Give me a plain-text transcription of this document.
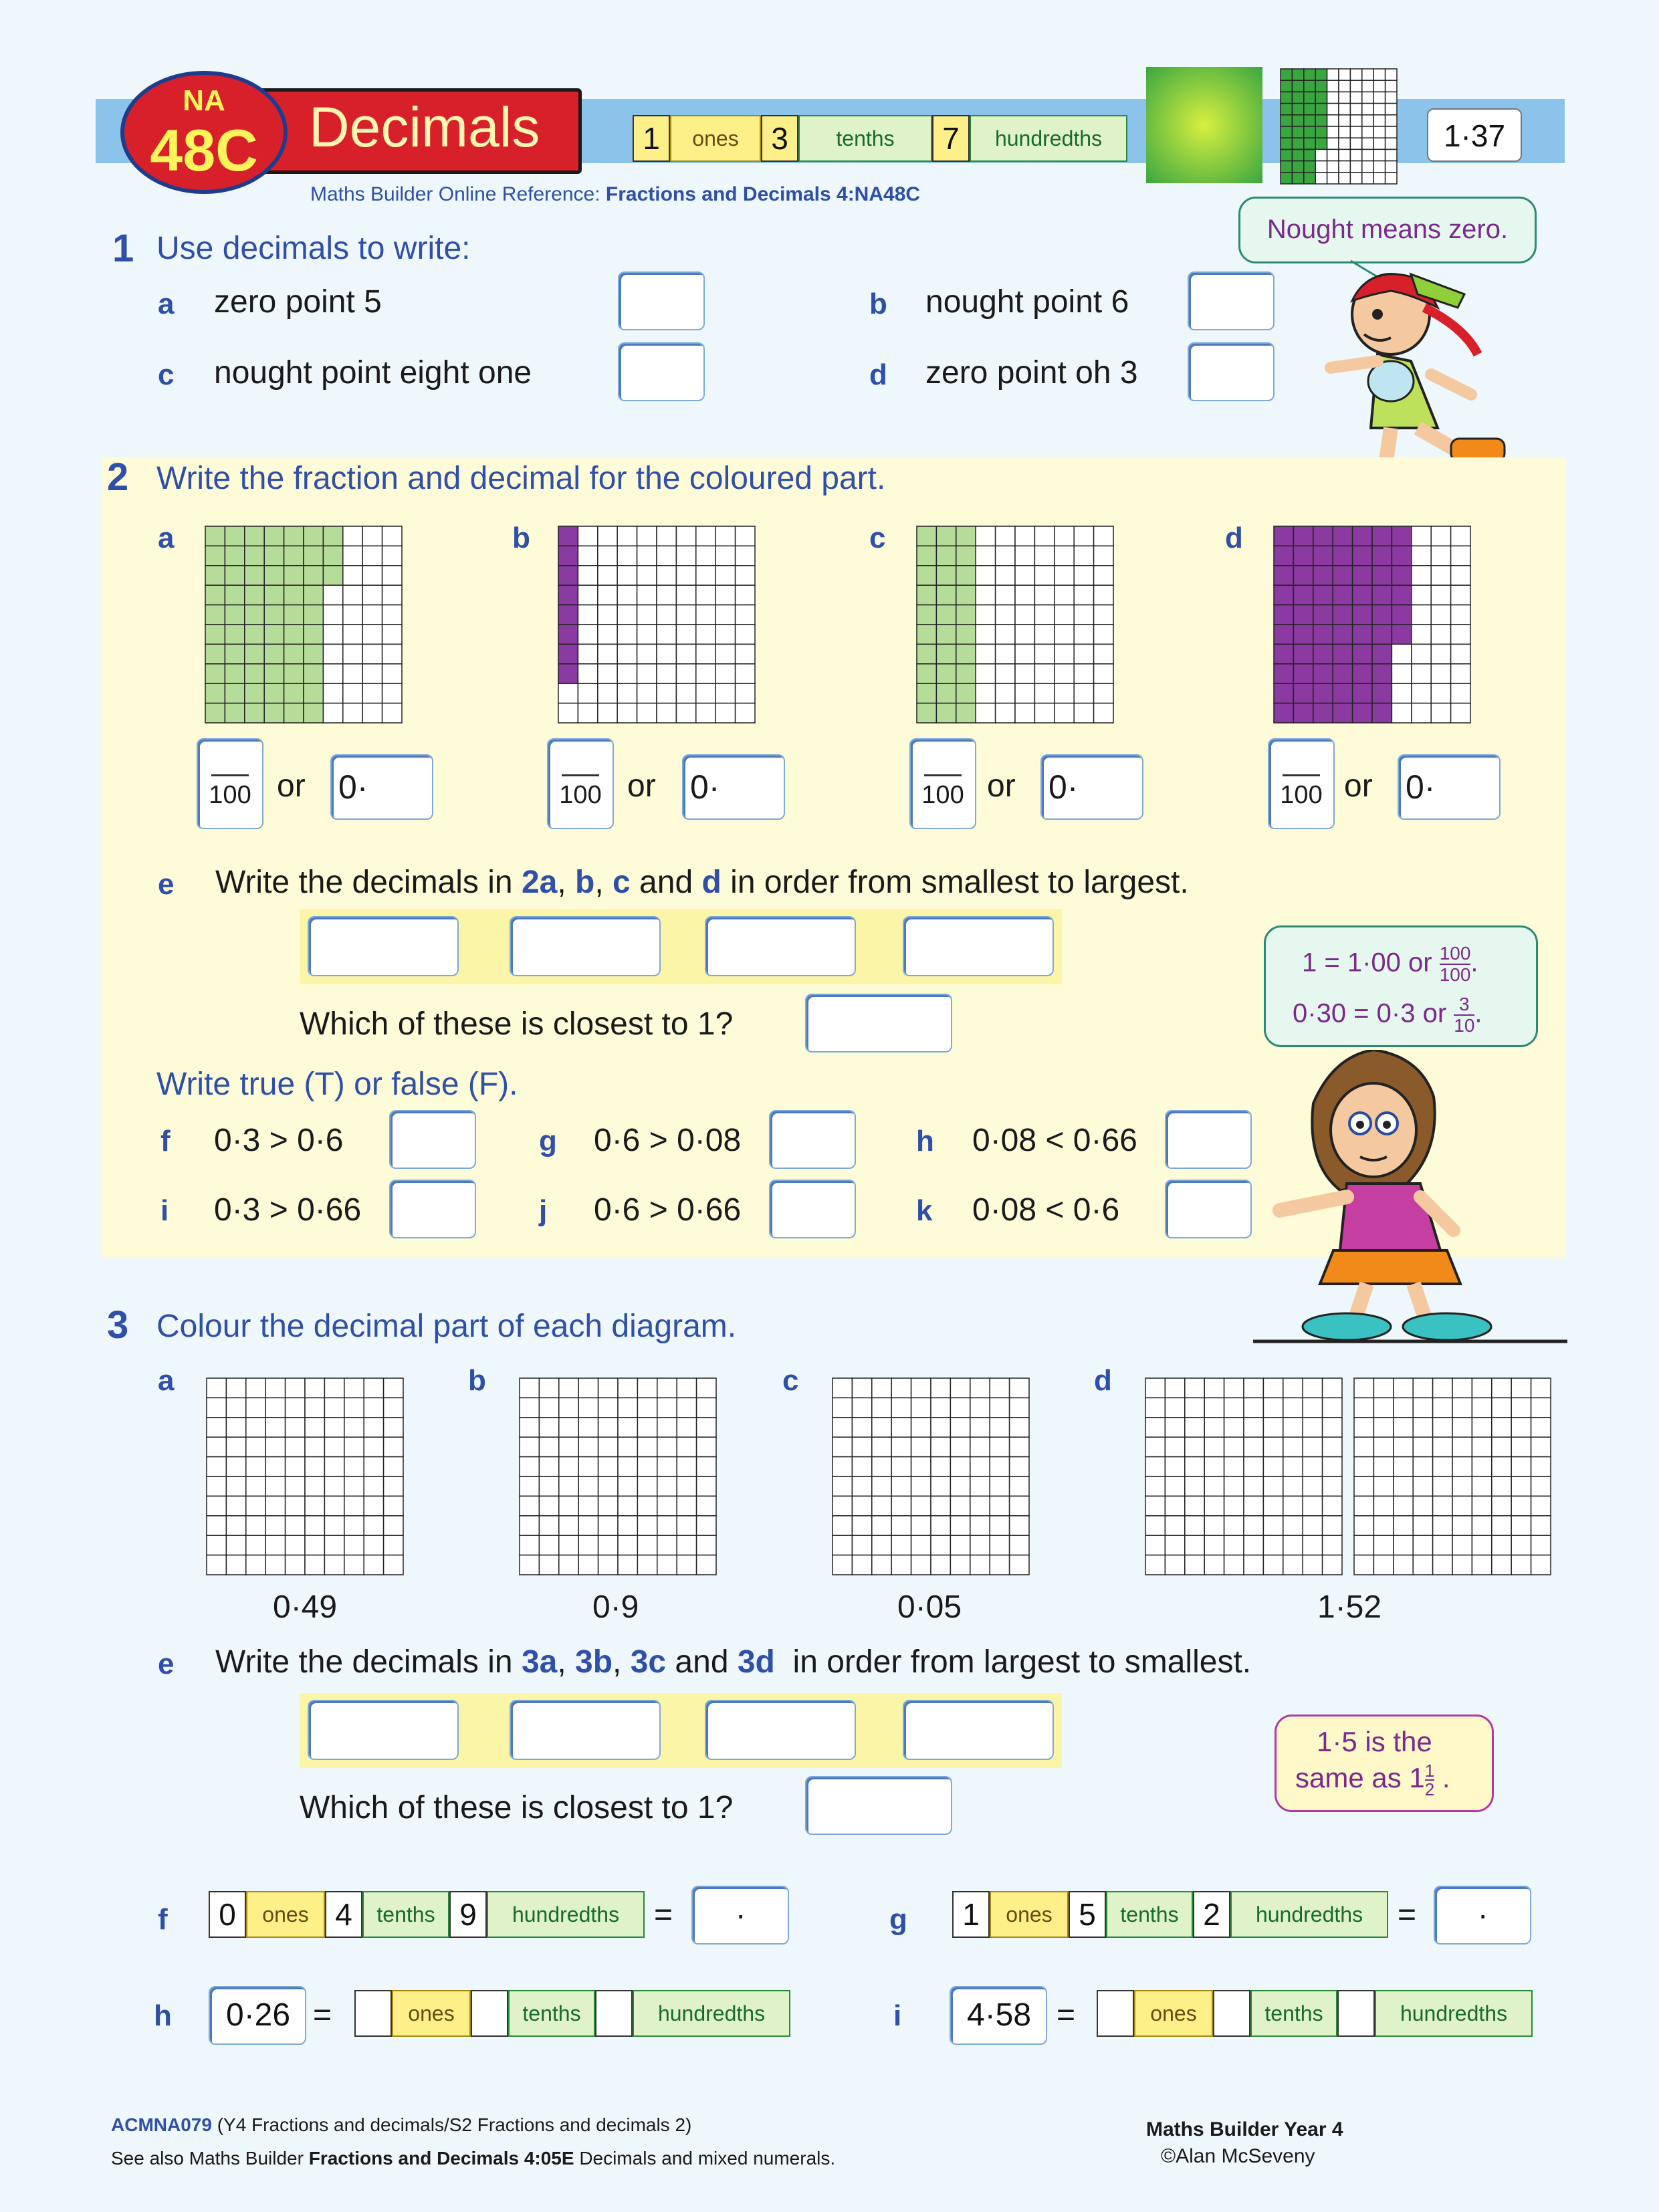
Decimals
NA
48C	1	ones	3	tenths	7	hundredths	1·37
Maths Builder Online Reference: Fractions and Decimals 4:NA48C
Nought means zero.
1 Use decimals to write:
a zero point 5	b nought point 6
c nought point eight one	d zero point oh 3
2 Write the fraction and decimal for the coloured part.
a	b	c	d
100 or 0·	100 or 0·	100 or 0·	100 or 0·
e Write the decimals in 2a, b, c and d in order from smallest to largest.
Which of these is closest to 1?
Write true (T) or false (F).
f 0·3 > 0·6	g 0·6 > 0·08	h 0·08 < 0·66
i 0·3 > 0·66	j 0·6 > 0·66	k 0·08 < 0·6
1 = 1·00 or $\frac{100}{100}$ .
0·30 = 0·3 or $\frac{3}{10}$ .
3 Colour the decimal part of each diagram.
a	b	c	d
0·49	0·9	0·05	1·52
e Write the decimals in 3a, 3b, 3c and 3d  in order from largest to smallest.
Which of these is closest to 1?
1·5 is the
same as $1 \frac{1}{2}$ .
f	0	ones 4	tenths 9	hundredths	= ·	g	1	ones 5	tenths 2	hundredths	= ·
h 0·26 =	ones	tenths	hundredths	i 4·58 =	ones	tenths	hundredths
ACMNA079 (Y4 Fractions and decimals/S2 Fractions and decimals 2)
See also Maths Builder Fractions and Decimals 4:05E Decimals and mixed numerals.
Maths Builder Year 4
©Alan McSeveny
